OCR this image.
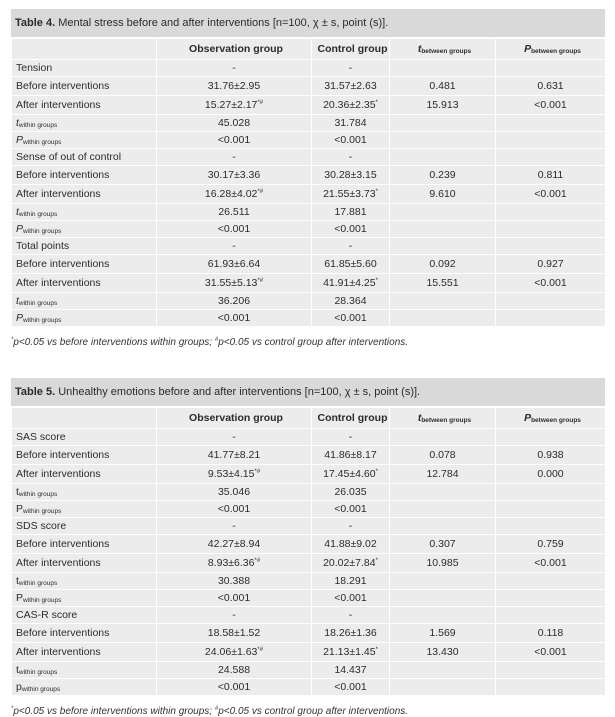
Table 4. Mental stress before and after interventions [n=100, χ ± s, point (s)].
	Observation group	Control group	tbetween groups	Pbetween groups
Tension	-	-		
Before interventions	31.76±2.95	31.57±2.63	0.481	0.631
After interventions	15.27±2.17*#	20.36±2.35*	15.913	<0.001
twithin groups	45.028	31.784		
Pwithin groups	<0.001	<0.001		
Sense of out of control	-	-		
Before interventions	30.17±3.36	30.28±3.15	0.239	0.811
After interventions	16.28±4.02*#	21.55±3.73*	9.610	<0.001
twithin groups	26.511	17.881		
Pwithin groups	<0.001	<0.001		
Total points	-	-		
Before interventions	61.93±6.64	61.85±5.60	0.092	0.927
After interventions	31.55±5.13*#	41.91±4.25*	15.551	<0.001
twithin groups	36.206	28.364		
Pwithin groups	<0.001	<0.001		
*p<0.05 vs before interventions within groups; #p<0.05 vs control group after interventions.
Table 5. Unhealthy emotions before and after interventions [n=100, χ ± s, point (s)].
	Observation group	Control group	tbetween groups	Pbetween groups
SAS score	-	-		
Before interventions	41.77±8.21	41.86±8.17	0.078	0.938
After interventions	9.53±4.15*#	17.45±4.60*	12.784	0.000
twithin groups	35.046	26.035		
Pwithin groups	<0.001	<0.001		
SDS score	-	-		
Before interventions	42.27±8.94	41.88±9.02	0.307	0.759
After interventions	8.93±6.36*#	20.02±7.84*	10.985	<0.001
twithin groups	30.388	18.291		
Pwithin groups	<0.001	<0.001		
CAS-R score	-	-		
Before interventions	18.58±1.52	18.26±1.36	1.569	0.118
After interventions	24.06±1.63*#	21.13±1.45*	13.430	<0.001
twithin groups	24.588	14.437		
pwithin groups	<0.001	<0.001		
*p<0.05 vs before interventions within groups; #p<0.05 vs control group after interventions.
